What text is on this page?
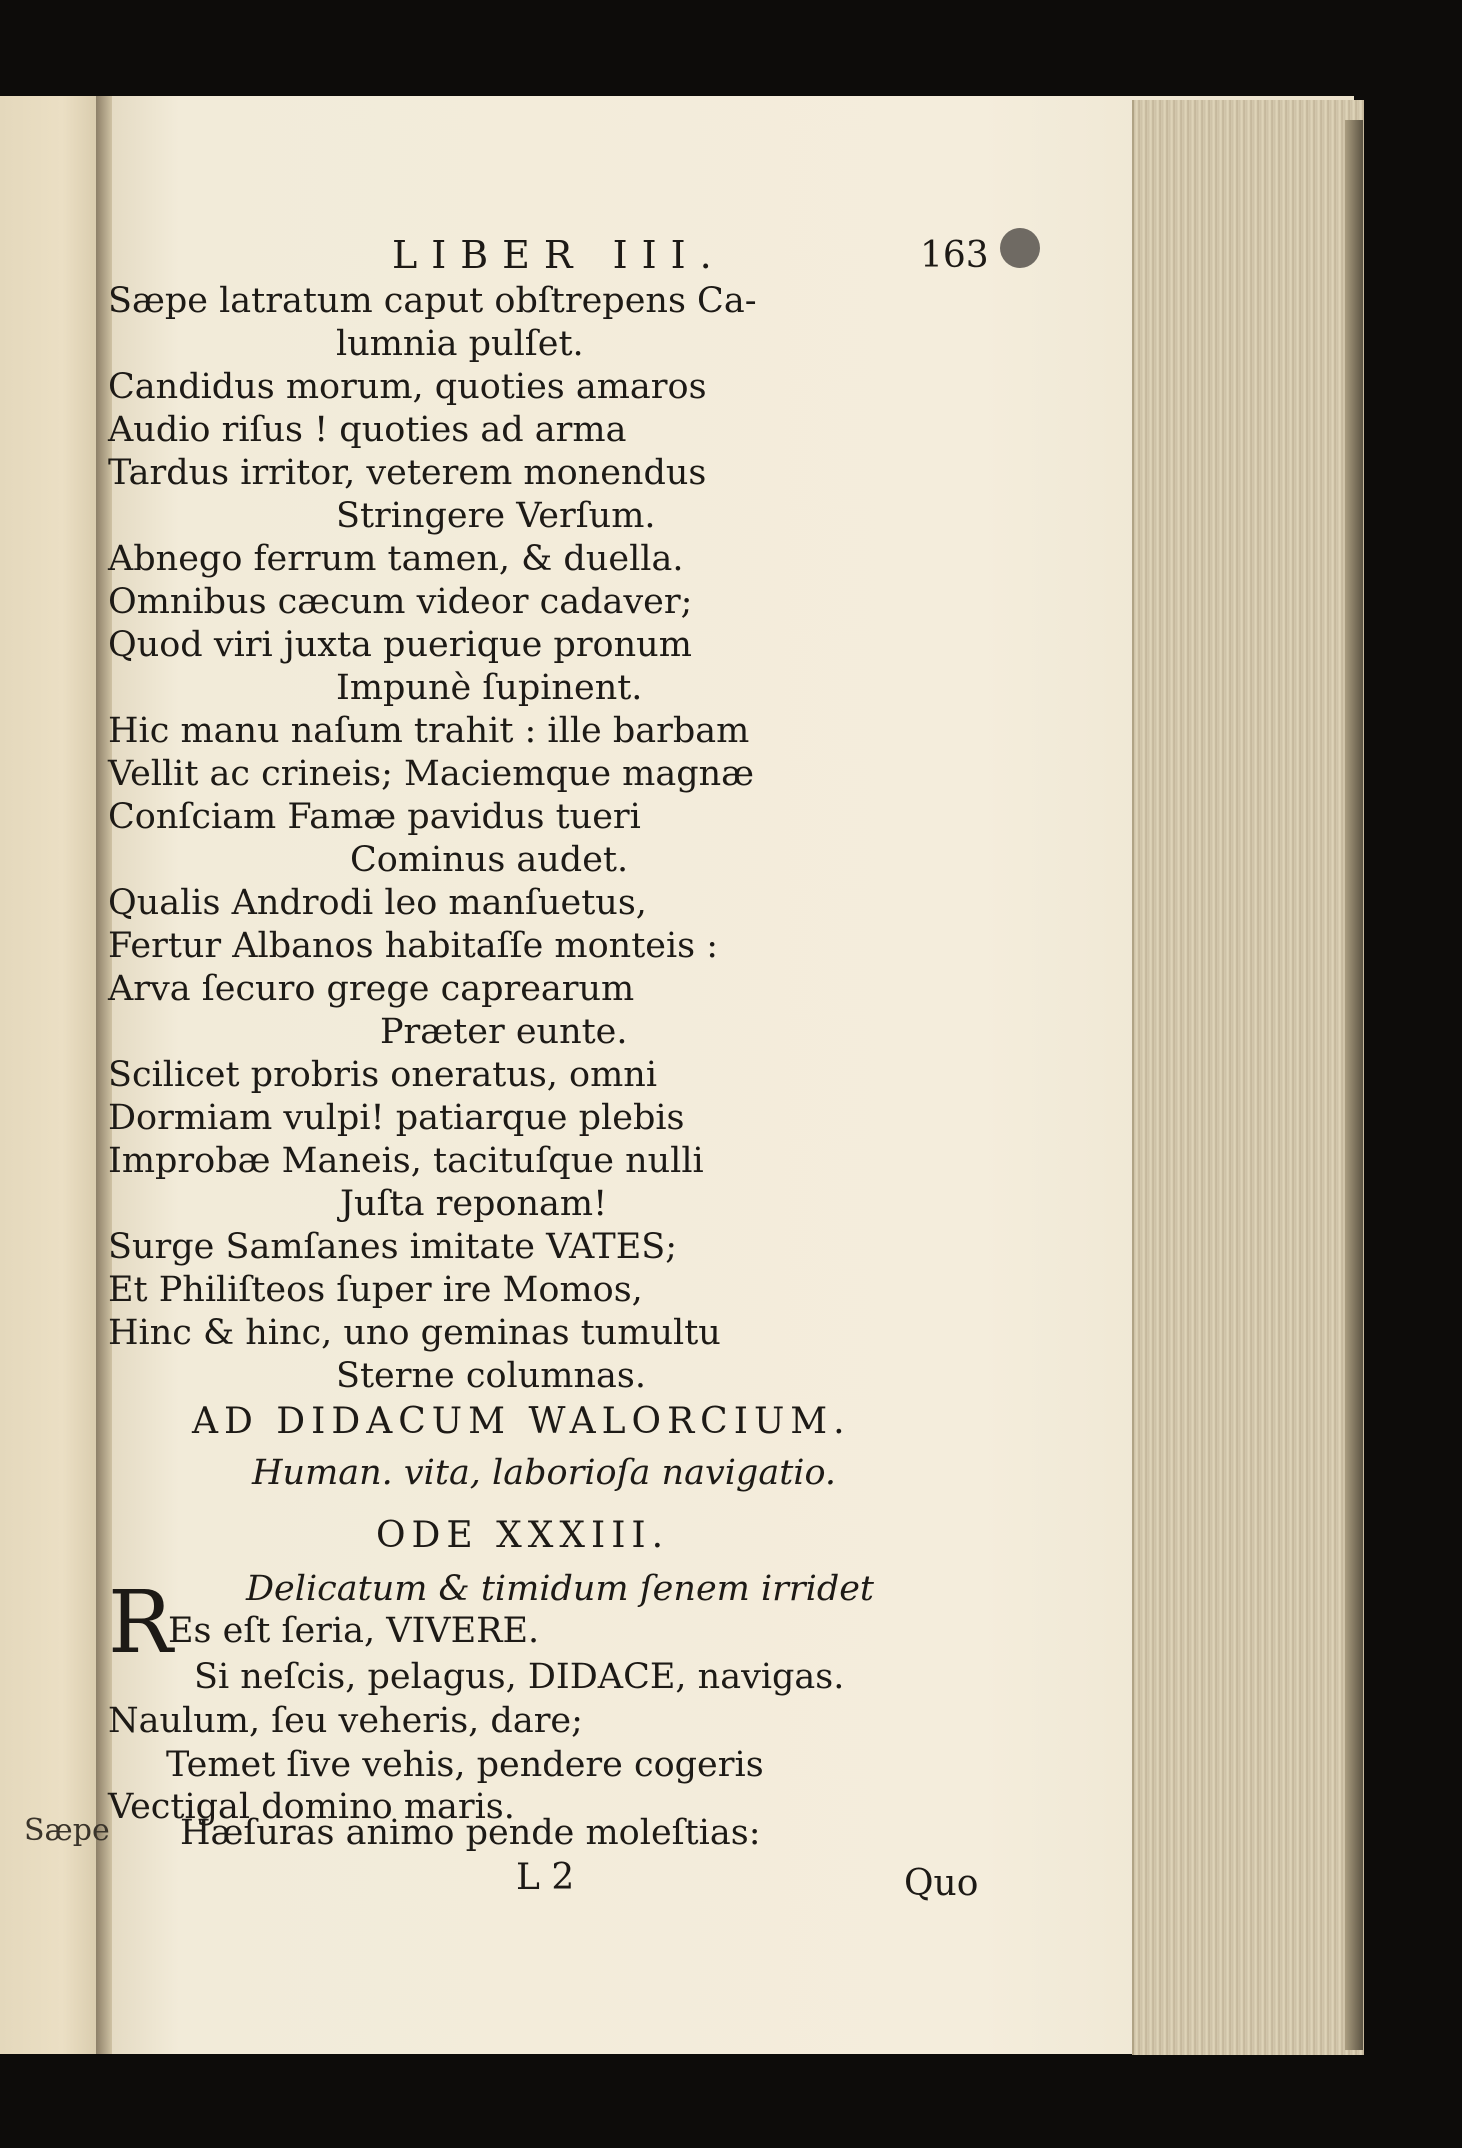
Sæpe
LIBER III.	163
Sæpe latratum caput obſtrepens Ca-
lumnia pulſet.
Candidus morum, quoties amaros
Audio riſus ! quoties ad arma
Tardus irritor, veterem monendus
Stringere Verſum.
Abnego ferrum tamen, & duella.
Omnibus cæcum videor cadaver;
Quod viri juxta puerique pronum
Impunè ſupinent.
Hic manu naſum trahit : ille barbam
Vellit ac crineis; Maciemque magnæ
Conſciam Famæ pavidus tueri
Cominus audet.
Qualis Androdi leo manſuetus,
Fertur Albanos habitaſſe monteis :
Arva ſecuro grege caprearum
Præter eunte.
Scilicet probris oneratus, omni
Dormiam vulpi! patiarque plebis
Improbæ Maneis, tacituſque nulli
Juſta reponam!
Surge Samſanes imitate VATES;
Et Philiſteos ſuper ire Momos,
Hinc & hinc, uno geminas tumultu
Sterne columnas.
AD DIDACUM WALORCIUM.
Human. vita, laborioſa navigatio.
ODE XXXIII.
Delicatum & timidum ſenem irridet
R
Es eſt ſeria, VIVERE.
Si neſcis, pelagus, DIDACE, navigas.
Naulum, ſeu veheris, dare;
Temet ſive vehis, pendere cogeris
Vectigal domino maris.
Hæſuras animo pende moleſtias:
L 2	Quo
